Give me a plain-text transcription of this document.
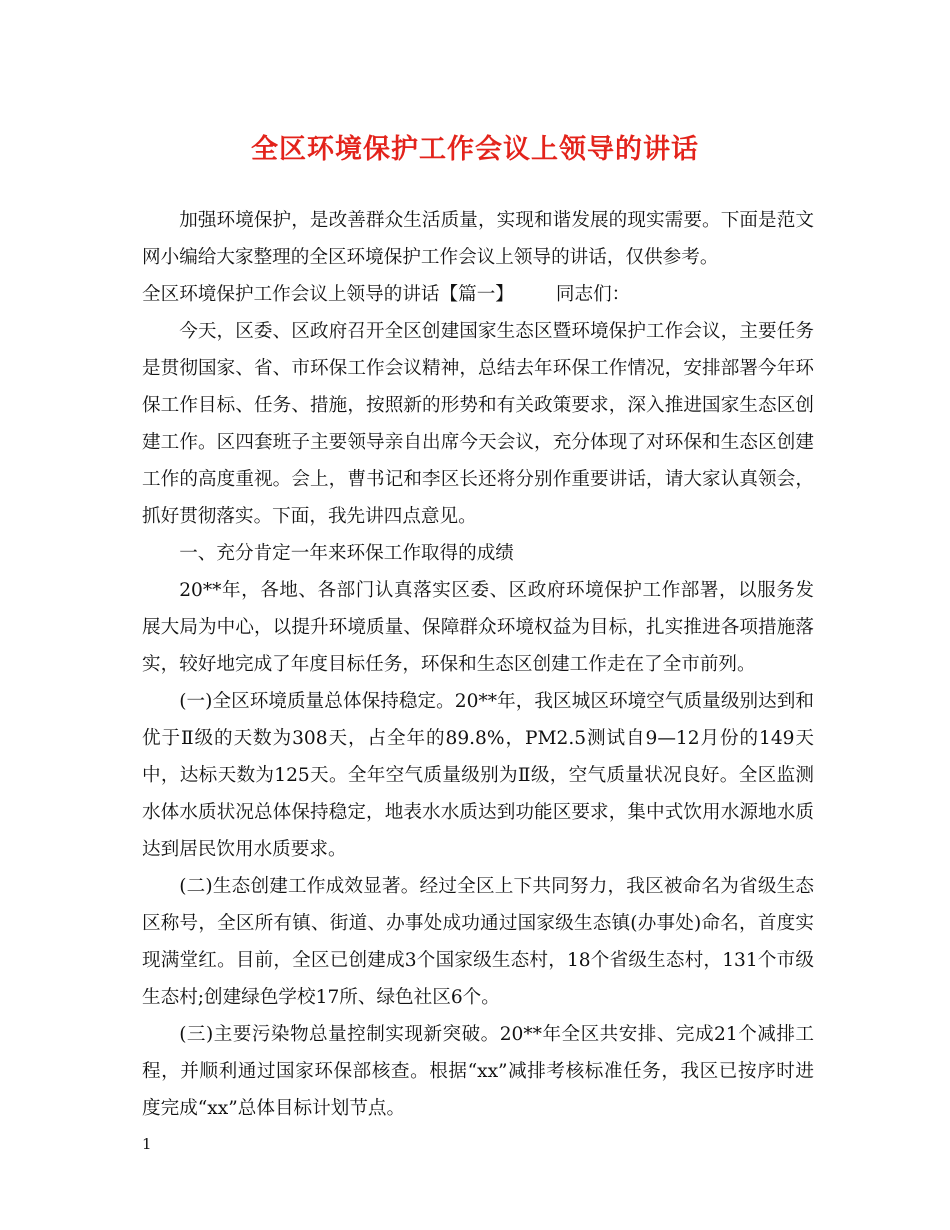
全区环境保护工作会议上领导的讲话

加强环境保护，是改善群众生活质量，实现和谐发展的现实需要。下面是范文网小编给大家整理的全区环境保护工作会议上领导的讲话，仅供参考。

全区环境保护工作会议上领导的讲话【篇一】 同志们：

今天，区委、区政府召开全区创建国家生态区暨环境保护工作会议，主要任务是贯彻国家、省、市环保工作会议精神，总结去年环保工作情况，安排部署今年环保工作目标、任务、措施，按照新的形势和有关政策要求，深入推进国家生态区创建工作。区四套班子主要领导亲自出席今天会议，充分体现了对环保和生态区创建工作的高度重视。会上，曹书记和李区长还将分别作重要讲话，请大家认真领会，抓好贯彻落实。下面，我先讲四点意见。

一、充分肯定一年来环保工作取得的成绩

20**年，各地、各部门认真落实区委、区政府环境保护工作部署，以服务发展大局为中心，以提升环境质量、保障群众环境权益为目标，扎实推进各项措施落实，较好地完成了年度目标任务，环保和生态区创建工作走在了全市前列。

(一)全区环境质量总体保持稳定。20**年，我区城区环境空气质量级别达到和优于Ⅱ级的天数为308天，占全年的89.8%，PM2.5测试自9—12月份的149天中，达标天数为125天。全年空气质量级别为Ⅱ级，空气质量状况良好。全区监测水体水质状况总体保持稳定，地表水水质达到功能区要求，集中式饮用水源地水质达到居民饮用水质要求。

(二)生态创建工作成效显著。经过全区上下共同努力，我区被命名为省级生态区称号，全区所有镇、街道、办事处成功通过国家级生态镇(办事处)命名，首度实现满堂红。目前，全区已创建成3个国家级生态村，18个省级生态村，131个市级生态村;创建绿色学校17所、绿色社区6个。

(三)主要污染物总量控制实现新突破。20**年全区共安排、完成21个减排工程，并顺利通过国家环保部核查。根据“xx”减排考核标准任务，我区已按序时进度完成“xx”总体目标计划节点。

1
